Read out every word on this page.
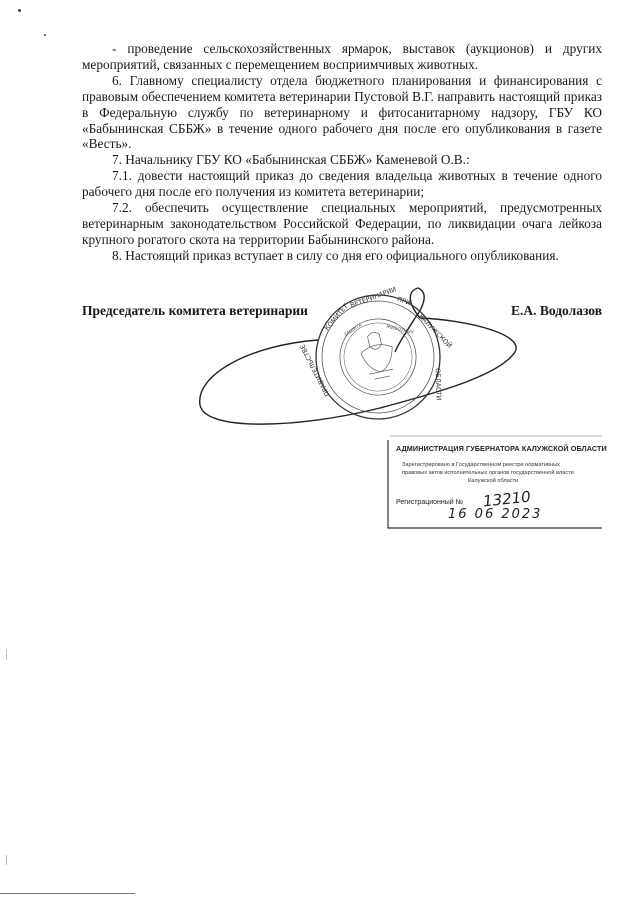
- проведение сельскохозяйственных ярмарок, выставок (аукционов) и других мероприятий, связанных с перемещением восприимчивых животных.

6. Главному специалисту отдела бюджетного планирования и финансирования с правовым обеспечением комитета ветеринарии Пустовой В.Г. направить настоящий приказ в Федеральную службу по ветеринарному и фитосанитарному надзору, ГБУ КО «Бабынинская СББЖ» в течение одного рабочего дня после его опубликования в газете «Весть».

7. Начальнику ГБУ КО «Бабынинская СББЖ» Каменевой О.В.:

7.1. довести настоящий приказ до сведения владельца животных в течение одного рабочего дня после его получения из комитета ветеринарии;

7.2. обеспечить осуществление специальных мероприятий, предусмотренных ветеринарным законодательством Российской Федерации, по ликвидации очага лейкоза крупного рогатого скота на территории Бабынинского района.

8. Настоящий приказ вступает в силу со дня его официального опубликования.

Председатель комитета ветеринарии	Е.А. Водолазов
КОМИТЕТ
ВЕТЕРИНАРИИ
ПРИ
КАЛУЖСКОЙ
ОБЛАСТИ
ПРАВИТЕЛЬСТВЕ
ЗАЩИТА	ЖИВОТНЫХ
АДМИНИСТРАЦИЯ ГУБЕРНАТОРА КАЛУЖСКОЙ ОБЛАСТИ
Зарегистрировано в Государственном реестре нормативных
правовых актов исполнительных органов государственной власти
Калужской области
Регистрационный № 13210
16 06 2023
